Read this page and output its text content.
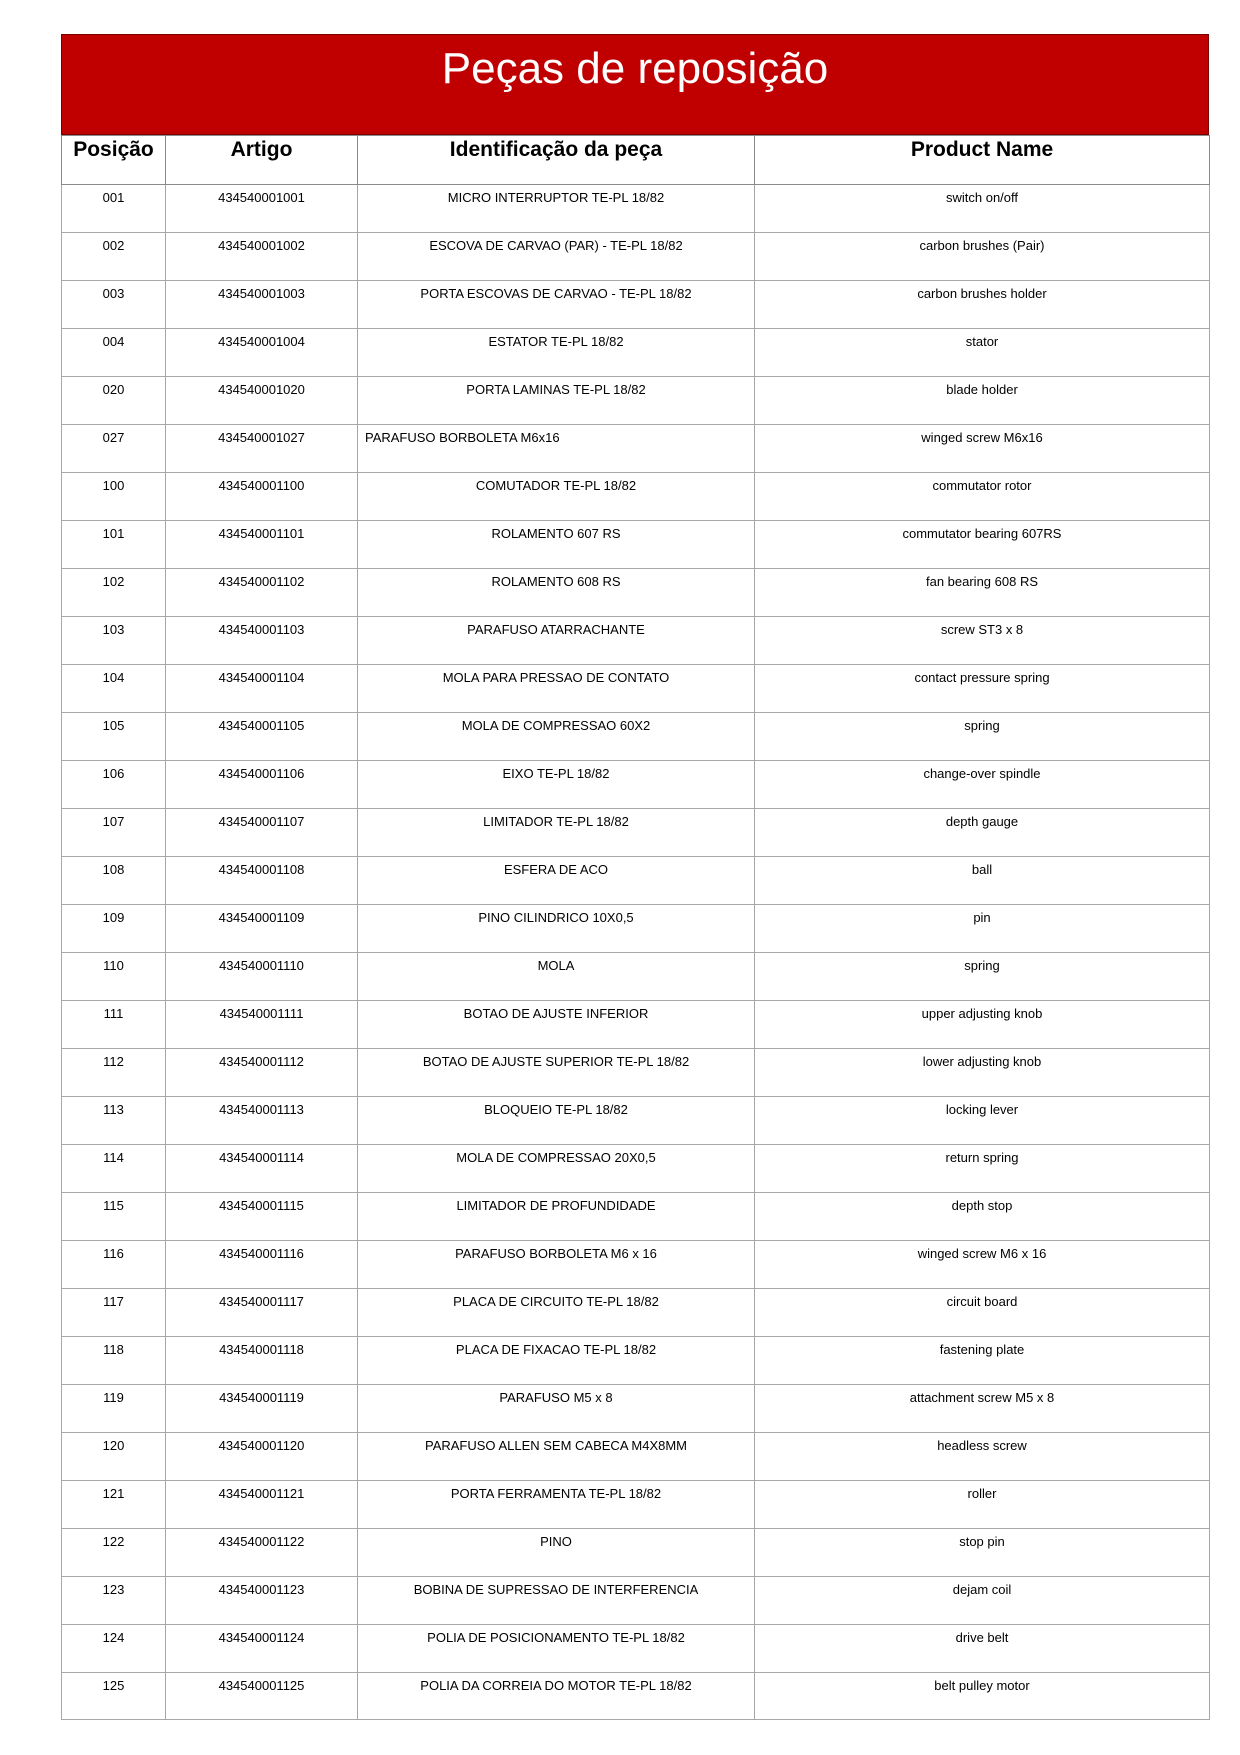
Peças de reposição
Posição	Artigo	Identificação da peça	Product Name
001	434540001001	MICRO INTERRUPTOR TE-PL 18/82	switch on/off
002	434540001002	ESCOVA DE CARVAO (PAR) - TE-PL 18/82	carbon brushes (Pair)
003	434540001003	PORTA ESCOVAS DE CARVAO - TE-PL 18/82	carbon brushes holder
004	434540001004	ESTATOR TE-PL 18/82	stator
020	434540001020	PORTA LAMINAS TE-PL 18/82	blade holder
027	434540001027	PARAFUSO BORBOLETA M6x16	winged screw M6x16
100	434540001100	COMUTADOR TE-PL 18/82	commutator rotor
101	434540001101	ROLAMENTO 607 RS	commutator bearing 607RS
102	434540001102	ROLAMENTO 608 RS	fan bearing 608 RS
103	434540001103	PARAFUSO ATARRACHANTE	screw ST3 x 8
104	434540001104	MOLA PARA PRESSAO DE CONTATO	contact pressure spring
105	434540001105	MOLA DE COMPRESSAO 60X2	spring
106	434540001106	EIXO TE-PL 18/82	change-over spindle
107	434540001107	LIMITADOR TE-PL 18/82	depth gauge
108	434540001108	ESFERA DE ACO	ball
109	434540001109	PINO CILINDRICO 10X0,5	pin
110	434540001110	MOLA	spring
111	434540001111	BOTAO DE AJUSTE INFERIOR	upper adjusting knob
112	434540001112	BOTAO DE AJUSTE SUPERIOR TE-PL 18/82	lower adjusting knob
113	434540001113	BLOQUEIO TE-PL 18/82	locking lever
114	434540001114	MOLA DE COMPRESSAO 20X0,5	return spring
115	434540001115	LIMITADOR DE PROFUNDIDADE	depth stop
116	434540001116	PARAFUSO BORBOLETA M6 x 16	winged screw M6 x 16
117	434540001117	PLACA DE CIRCUITO TE-PL 18/82	circuit board
118	434540001118	PLACA DE FIXACAO TE-PL 18/82	fastening plate
119	434540001119	PARAFUSO M5 x 8	attachment screw M5 x 8
120	434540001120	PARAFUSO ALLEN SEM CABECA M4X8MM	headless screw
121	434540001121	PORTA FERRAMENTA TE-PL 18/82	roller
122	434540001122	PINO	stop pin
123	434540001123	BOBINA DE SUPRESSAO DE INTERFERENCIA	dejam coil
124	434540001124	POLIA DE POSICIONAMENTO TE-PL 18/82	drive belt
125	434540001125	POLIA DA CORREIA DO MOTOR TE-PL 18/82	belt pulley motor
